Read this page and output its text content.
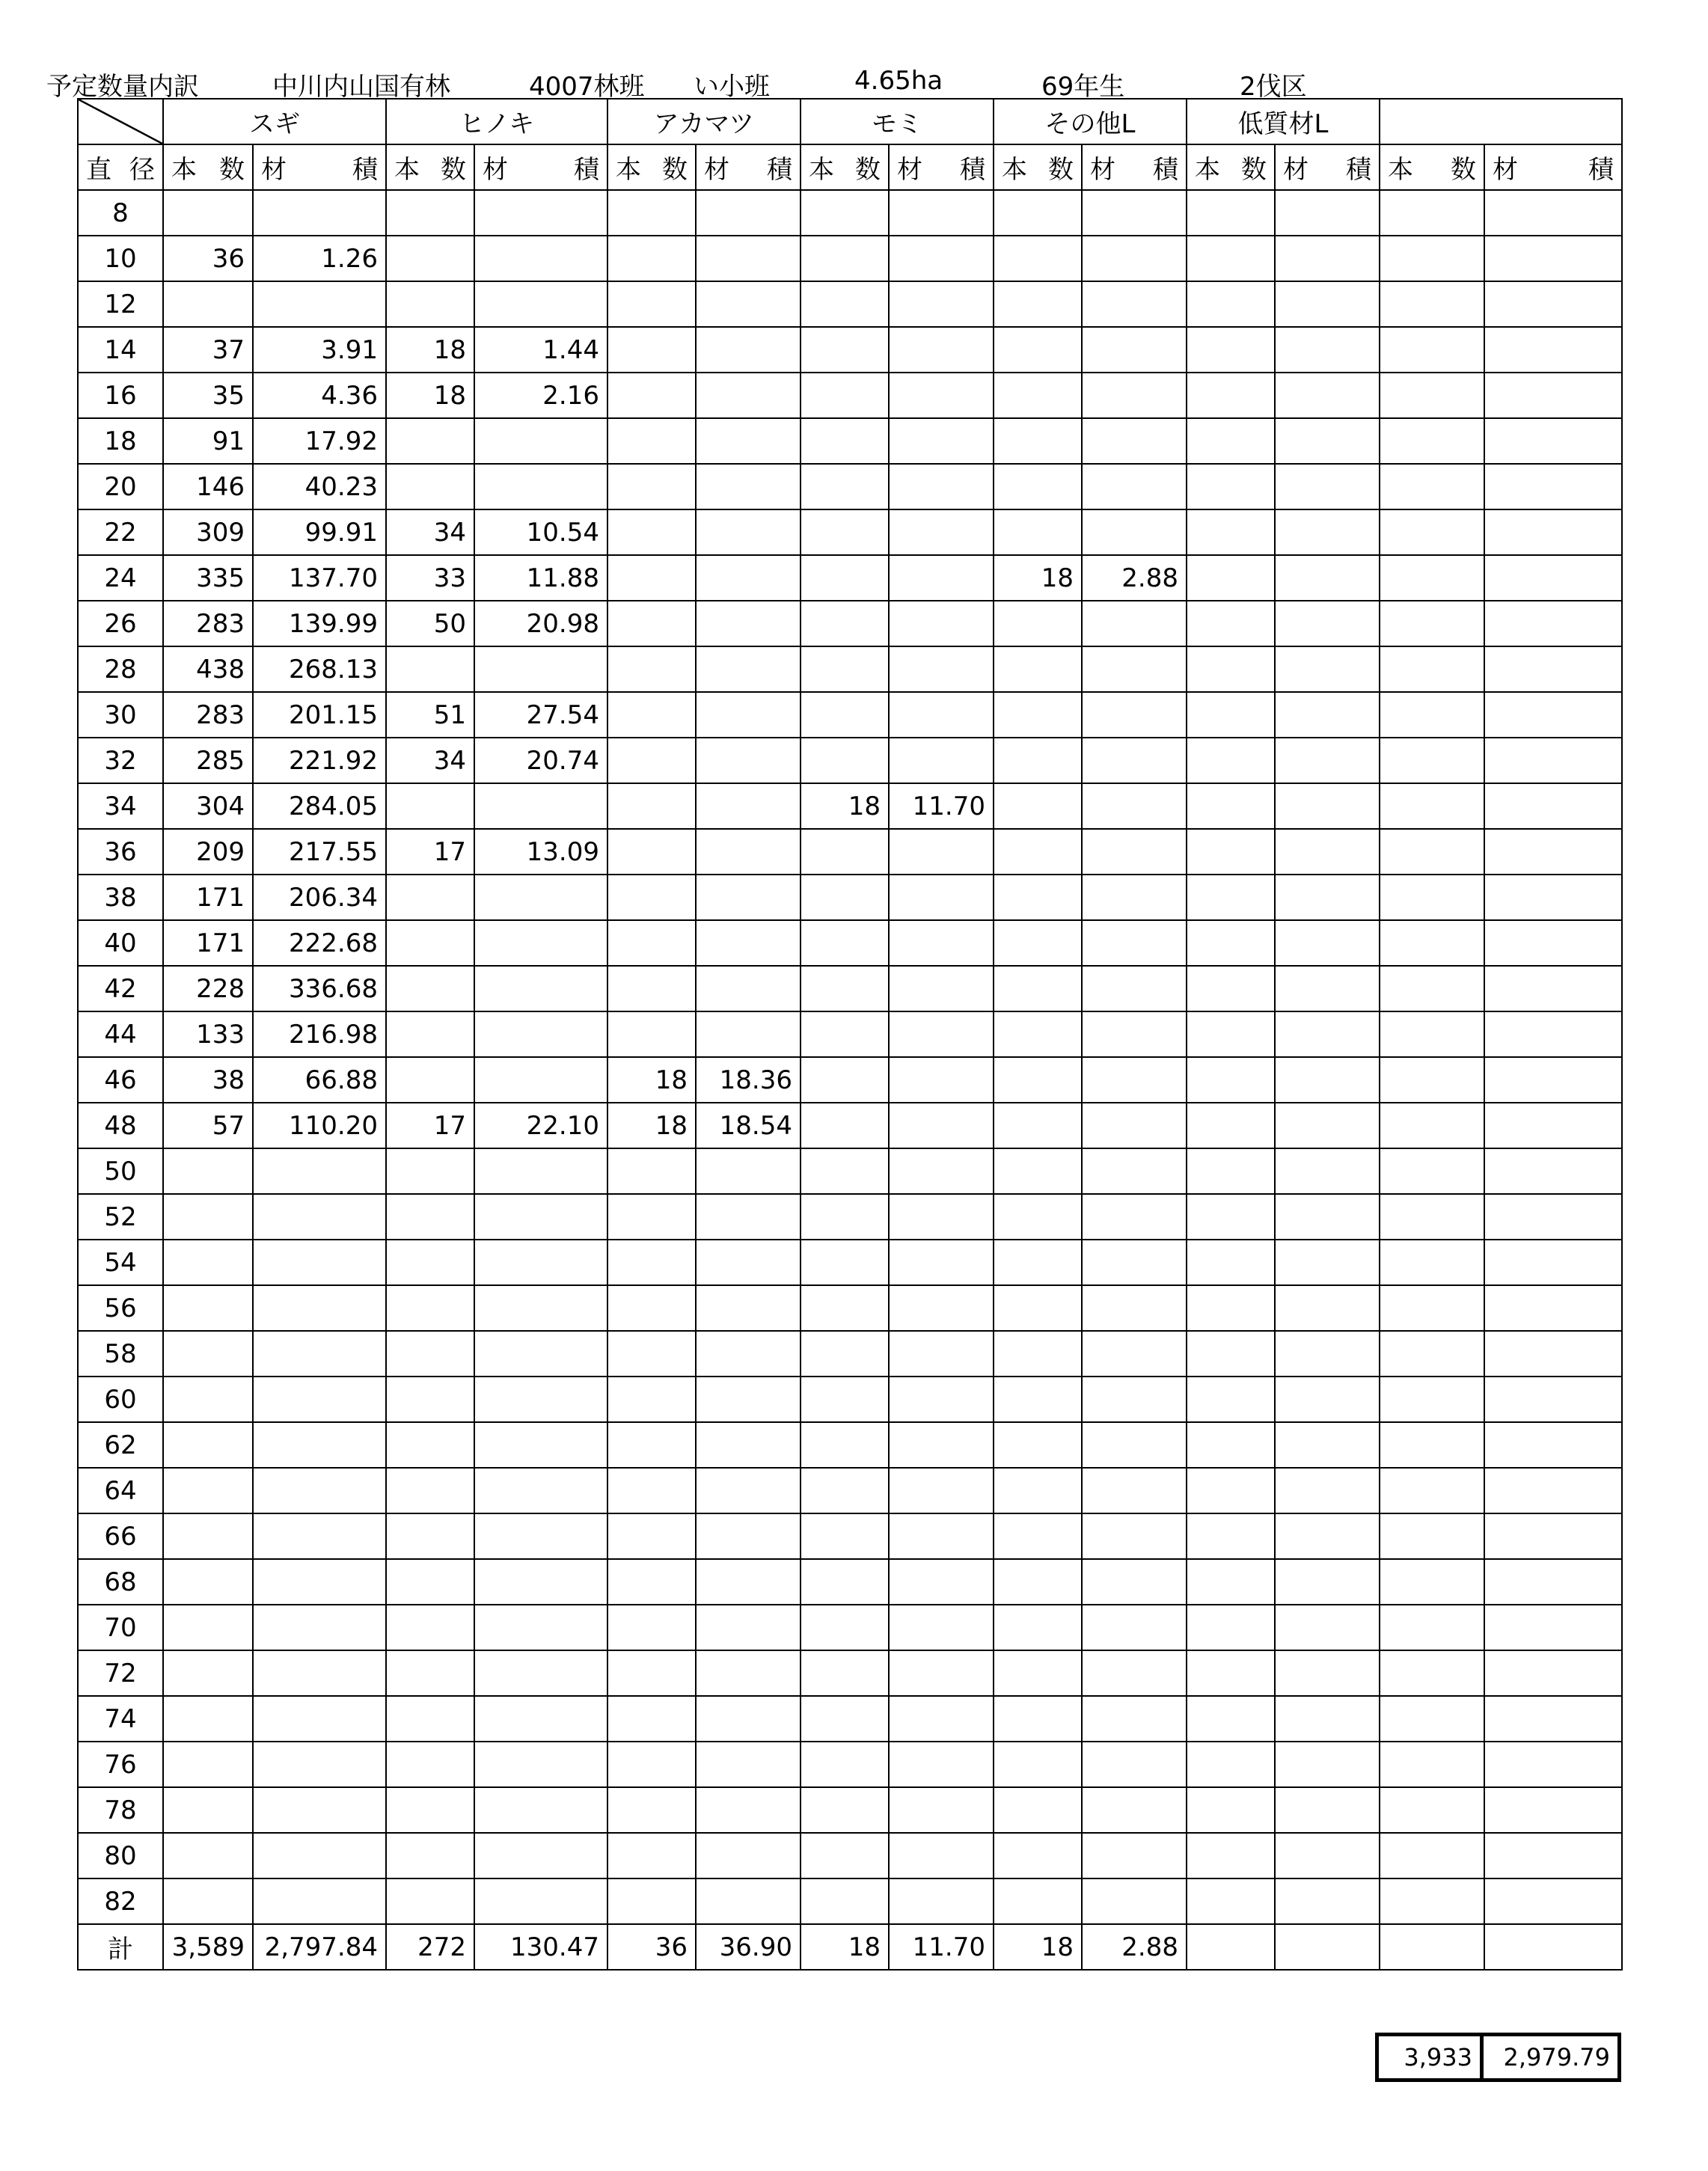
予定数量内訳	中川内山国有林	4007林班 い小班	4.65ha	69年生	2伐区
	スギ		ヒノキ		アカマツ		モミ		その他L		低質材L			

直 径	本 数	材 積	本 数	材 積	本 数	材 積	本 数	材 積	本 数	材 積	本 数	材 積	本 数	材 積

8														
10	36	1.26												
12														
14	37	3.91	18	1.44										
16	35	4.36	18	2.16										
18	91	17.92												
20	146	40.23												
22	309	99.91	34	10.54										
24	335	137.70	33	11.88					18	2.88				
26	283	139.99	50	20.98										
28	438	268.13												
30	283	201.15	51	27.54										
32	285	221.92	34	20.74										
34	304	284.05					18	11.70						
36	209	217.55	17	13.09										
38	171	206.34												
40	171	222.68												
42	228	336.68												
44	133	216.98												
46	38	66.88			18	18.36								
48	57	110.20	17	22.10	18	18.54								
50														
52														
54														
56														
58														
60														
62														
64														
66														
68														
70														
72														
74														
76														
78														
80														
82														
計	3,589	2,797.84	272	130.47	36	36.90	18	11.70	18	2.88				
3,933	2,979.79
